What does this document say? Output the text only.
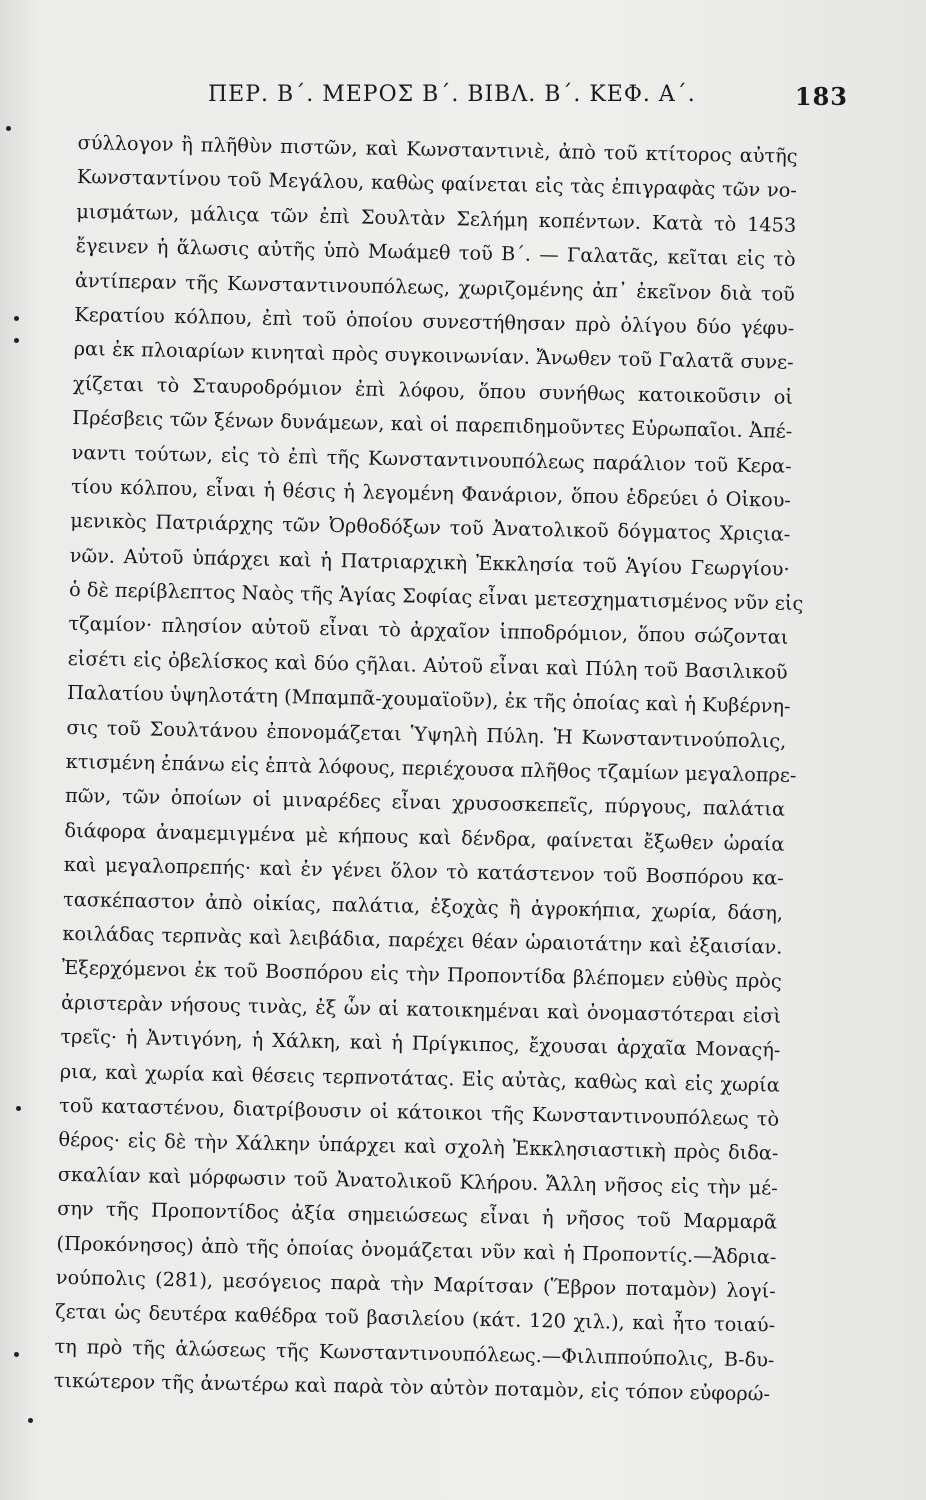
ΠΕΡ. Β΄. ΜΕΡΟΣ Β΄. ΒΙΒΛ. Β΄. ΚΕΦ. Α΄.	183
σύλλογον ἢ πλῆθὺν πιστῶν, καὶ Κωνσταντινιὲ, ἀπὸ τοῦ κτίτορος αὐτῆς
Κωνσταντίνου τοῦ Μεγάλου, καθὼς φαίνεται εἰς τὰς ἐπιγραφὰς τῶν νο-
μισμάτων, μάλιςα τῶν ἐπὶ Σουλτὰν Σελήμη κοπέντων. Κατὰ τὸ 1453
ἔγεινεν ἡ ἅλωσις αὐτῆς ὑπὸ Μωάμεθ τοῦ Β΄. — Γαλατᾶς, κεῖται εἰς τὸ
ἀντίπεραν τῆς Κωνσταντινουπόλεως, χωριζομένης ἀπ᾽ ἐκεῖνον διὰ τοῦ
Κερατίου κόλπου, ἐπὶ τοῦ ὁποίου συνεστήθησαν πρὸ ὀλίγου δύο γέφυ-
ραι ἐκ πλοιαρίων κινηταὶ πρὸς συγκοινωνίαν. Ἄνωθεν τοῦ Γαλατᾶ συνε-
χίζεται τὸ Σταυροδρόμιον ἐπὶ λόφου, ὅπου συνήθως κατοικοῦσιν οἱ
Πρέσβεις τῶν ξένων δυνάμεων, καὶ οἱ παρεπιδημοῦντες Εὐρωπαῖοι. Ἀπέ-
ναντι τούτων, εἰς τὸ ἐπὶ τῆς Κωνσταντινουπόλεως παράλιον τοῦ Κερα-
τίου κόλπου, εἶναι ἡ θέσις ἡ λεγομένη Φανάριον, ὅπου ἑδρεύει ὁ Οἰκου-
μενικὸς Πατριάρχης τῶν Ὀρθοδόξων τοῦ Ἀνατολικοῦ δόγματος Χριςια-
νῶν. Αὐτοῦ ὑπάρχει καὶ ἡ Πατριαρχικὴ Ἐκκλησία τοῦ Ἁγίου Γεωργίου·
ὁ δὲ περίβλεπτος Ναὸς τῆς Ἁγίας Σοφίας εἶναι μετεσχηματισμένος νῦν εἰς
τζαμίον· πλησίον αὐτοῦ εἶναι τὸ ἀρχαῖον ἱπποδρόμιον, ὅπου σώζονται
εἰσέτι εἰς ὀβελίσκος καὶ δύο ςῆλαι. Αὐτοῦ εἶναι καὶ Πύλη τοῦ Βασιλικοῦ
Παλατίου ὑψηλοτάτη (Μπαμπᾶ-χουμαϊοῦν), ἐκ τῆς ὁποίας καὶ ἡ Κυβέρνη-
σις τοῦ Σουλτάνου ἐπονομάζεται Ὑψηλὴ Πύλη. Ἡ Κωνσταντινούπολις,
κτισμένη ἐπάνω εἰς ἑπτὰ λόφους, περιέχουσα πλῆθος τζαμίων μεγαλοπρε-
πῶν, τῶν ὁποίων οἱ μιναρέδες εἶναι χρυσοσκεπεῖς, πύργους, παλάτια
διάφορα ἀναμεμιγμένα μὲ κήπους καὶ δένδρα, φαίνεται ἔξωθεν ὡραία
καὶ μεγαλοπρεπής· καὶ ἐν γένει ὅλον τὸ κατάστενον τοῦ Βοσπόρου κα-
τασκέπαστον ἀπὸ οἰκίας, παλάτια, ἐξοχὰς ἢ ἀγροκήπια, χωρία, δάση,
κοιλάδας τερπνὰς καὶ λειβάδια, παρέχει θέαν ὡραιοτάτην καὶ ἐξαισίαν.
Ἐξερχόμενοι ἐκ τοῦ Βοσπόρου εἰς τὴν Προποντίδα βλέπομεν εὐθὺς πρὸς
ἀριστερὰν νήσους τινὰς, ἐξ ὧν αἱ κατοικημέναι καὶ ὀνομαστότεραι εἰσὶ
τρεῖς· ἡ Ἀντιγόνη, ἡ Χάλκη, καὶ ἡ Πρίγκιπος, ἔχουσαι ἀρχαῖα Μοναςή-
ρια, καὶ χωρία καὶ θέσεις τερπνοτάτας. Εἰς αὐτὰς, καθὼς καὶ εἰς χωρία
τοῦ καταστένου, διατρίβουσιν οἱ κάτοικοι τῆς Κωνσταντινουπόλεως τὸ
θέρος· εἰς δὲ τὴν Χάλκην ὑπάρχει καὶ σχολὴ Ἐκκλησιαστικὴ πρὸς διδα-
σκαλίαν καὶ μόρφωσιν τοῦ Ἀνατολικοῦ Κλήρου. Ἄλλη νῆσος εἰς τὴν μέ-
σην τῆς Προποντίδος ἀξία σημειώσεως εἶναι ἡ νῆσος τοῦ Μαρμαρᾶ
(Προκόνησος) ἀπὸ τῆς ὁποίας ὀνομάζεται νῦν καὶ ἡ Προποντίς.—Ἀδρια-
νούπολις (281), μεσόγειος παρὰ τὴν Μαρίτσαν (Ἕβρον ποταμὸν) λογί-
ζεται ὡς δευτέρα καθέδρα τοῦ βασιλείου (κάτ. 120 χιλ.), καὶ ἦτο τοιαύ-
τη πρὸ τῆς ἁλώσεως τῆς Κωνσταντινουπόλεως.—Φιλιππούπολις, Β-δυ-
τικώτερον τῆς ἀνωτέρω καὶ παρὰ τὸν αὐτὸν ποταμὸν, εἰς τόπον εὐφορώ-
